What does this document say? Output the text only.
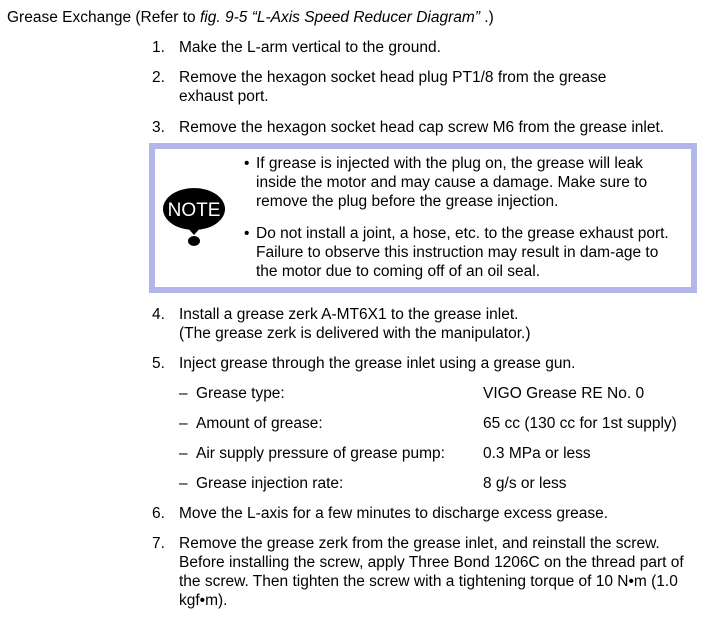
Grease Exchange (Refer to fig. 9-5 “L-Axis Speed Reducer Diagram” .)
1. Make the L-arm vertical to the ground.
2. Remove the hexagon socket head plug PT1/8 from the grease exhaust port.
3. Remove the hexagon socket head cap screw M6 from the grease inlet.
NOTE
• If grease is injected with the plug on, the grease will leak inside the motor and may cause a damage. Make sure to remove the plug before the grease injection.
• Do not install a joint, a hose, etc. to the grease exhaust port. Failure to observe this instruction may result in dam-age to the motor due to coming off of an oil seal.
4. Install a grease zerk A-MT6X1 to the grease inlet.
(The grease zerk is delivered with the manipulator.)
5. Inject grease through the grease inlet using a grease gun.
– Grease type:	VIGO Grease RE No. 0
– Amount of grease:	65 cc (130 cc for 1st supply)
– Air supply pressure of grease pump: 0.3 MPa or less
– Grease injection rate:	8 g/s or less
6. Move the L-axis for a few minutes to discharge excess grease.
7. Remove the grease zerk from the grease inlet, and reinstall the screw. Before installing the screw, apply Three Bond 1206C on the thread part of the screw. Then tighten the screw with a tightening torque of 10 N•m (1.0 kgf•m).
